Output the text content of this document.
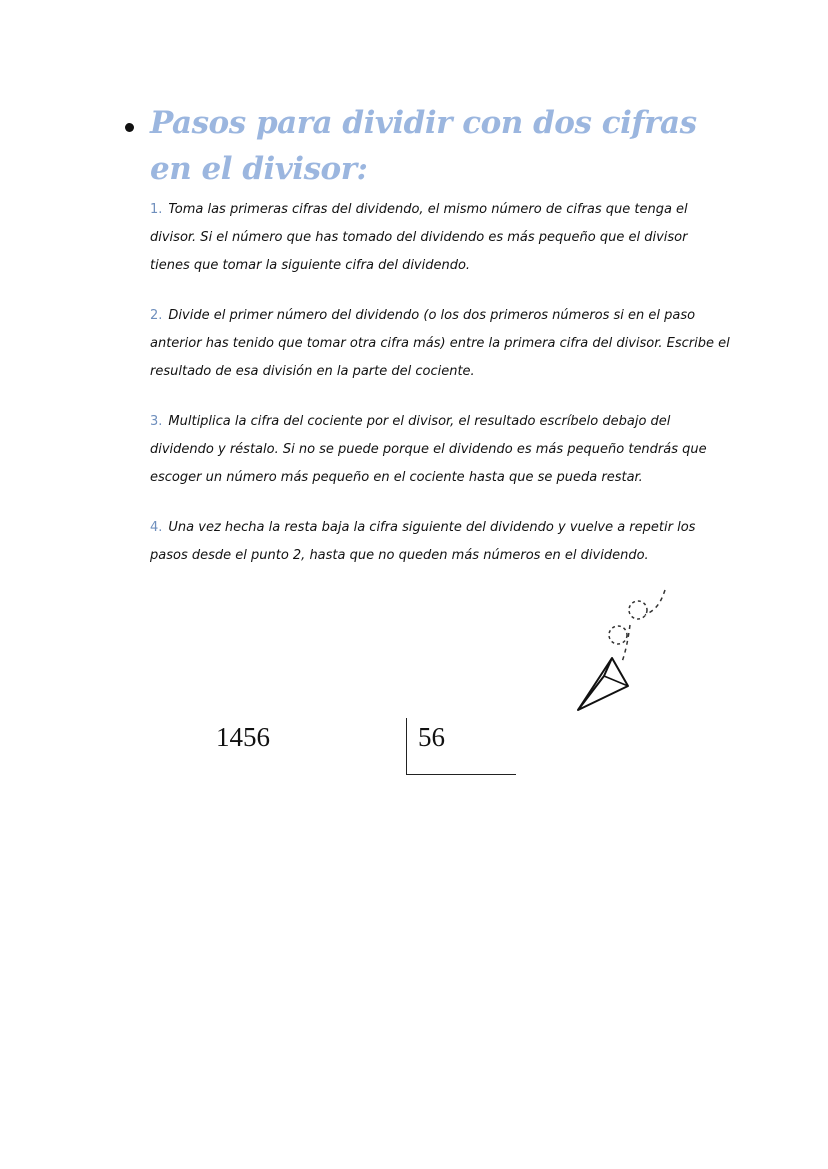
Pasos para dividir con dos cifras en el divisor:
1. Toma las primeras cifras del dividendo, el mismo número de cifras que tenga el divisor. Si el número que has tomado del dividendo es más pequeño que el divisor tienes que tomar la siguiente cifra del dividendo.
2. Divide el primer número del dividendo (o los dos primeros números si en el paso anterior has tenido que tomar otra cifra más) entre la primera cifra del divisor. Escribe el resultado de esa división en la parte del cociente.
3. Multiplica la cifra del cociente por el divisor, el resultado escríbelo debajo del dividendo y réstalo. Si no se puede porque el dividendo es más pequeño tendrás que escoger un número más pequeño en el cociente hasta que se pueda restar.
4. Una vez hecha la resta baja la cifra siguiente del dividendo y vuelve a repetir los pasos desde el punto 2, hasta que no queden más números en el dividendo.
1456	56
